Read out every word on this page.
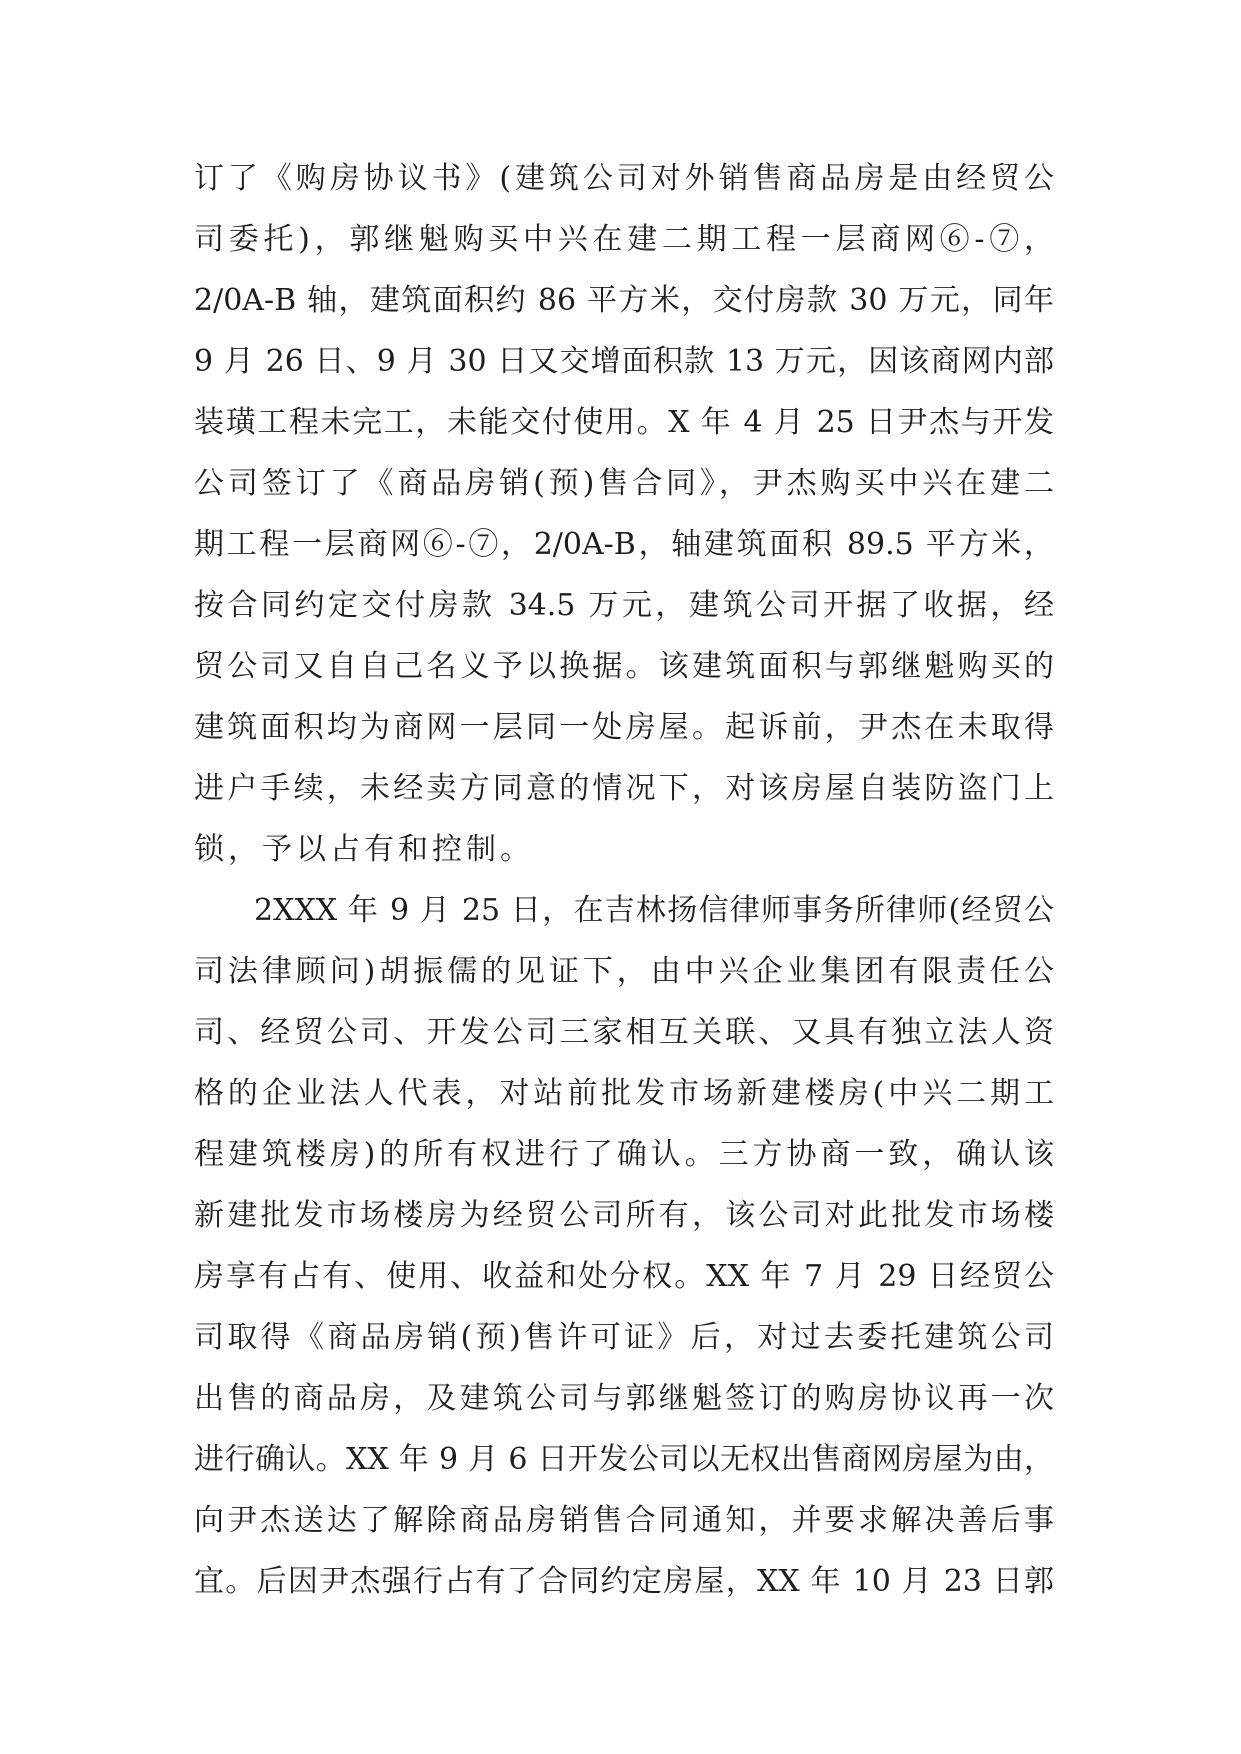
订了《购房协议书》(建筑公司对外销售商品房是由经贸公
司委托)，郭继魁购买中兴在建二期工程一层商网⑥-⑦，
2/0A-B 轴，建筑面积约 86 平方米，交付房款 30 万元，同年
9 月 26 日、9 月 30 日又交增面积款 13 万元，因该商网内部
装璜工程未完工，未能交付使用。X 年 4 月 25 日尹杰与开发
公司签订了《商品房销(预)售合同》，尹杰购买中兴在建二
期工程一层商网⑥-⑦，2/0A-B，轴建筑面积 89.5 平方米，
按合同约定交付房款 34.5 万元，建筑公司开据了收据，经
贸公司又自自己名义予以换据。该建筑面积与郭继魁购买的
建筑面积均为商网一层同一处房屋。起诉前，尹杰在未取得
进户手续，未经卖方同意的情况下，对该房屋自装防盗门上
锁，予以占有和控制。
2XXX 年 9 月 25 日，在吉林扬信律师事务所律师(经贸公
司法律顾问)胡振儒的见证下，由中兴企业集团有限责任公
司、经贸公司、开发公司三家相互关联、又具有独立法人资
格的企业法人代表，对站前批发市场新建楼房(中兴二期工
程建筑楼房)的所有权进行了确认。三方协商一致，确认该
新建批发市场楼房为经贸公司所有，该公司对此批发市场楼
房享有占有、使用、收益和处分权。XX 年 7 月 29 日经贸公
司取得《商品房销(预)售许可证》后，对过去委托建筑公司
出售的商品房，及建筑公司与郭继魁签订的购房协议再一次
进行确认。XX 年 9 月 6 日开发公司以无权出售商网房屋为由，
向尹杰送达了解除商品房销售合同通知，并要求解决善后事
宜。后因尹杰强行占有了合同约定房屋，XX 年 10 月 23 日郭
